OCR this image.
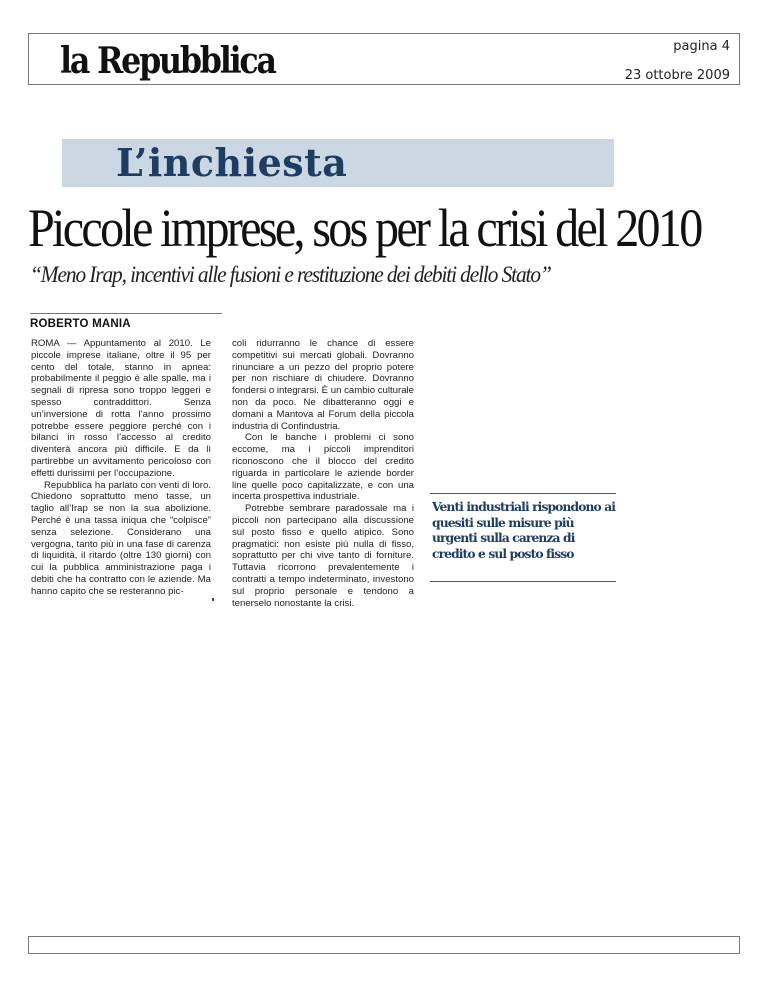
la Repubblica	pagina 4
23 ottobre 2009
L’inchiesta
Piccole imprese, sos per la crisi del 2010
“Meno Irap, incentivi alle fusioni e restituzione dei debiti dello Stato”
ROBERTO MANIA

ROMA — Appuntamento al 2010. Le piccole imprese italiane, oltre il 95 per cento del totale, stanno in apnea: probabilmente il peggio è alle spalle, ma i segnali di ripresa sono troppo leggeri e spesso contraddittori. Senza un’inversione di rotta l’anno prossimo potrebbe essere peggiore perché con i bilanci in rosso l’accesso al credito diventerà ancora più difficile. E da lì partirebbe un avvitamento pericoloso con effetti durissimi per l’occupazione.

Repubblica ha parlato con venti di loro. Chiedono soprattutto meno tasse, un taglio all’Irap se non la sua abolizione. Perché è una tassa iniqua che “colpisce” senza selezione. Considerano una vergogna, tanto più in una fase di carenza di liquidità, il ritardo (oltre 130 giorni) con cui la pubblica amministrazione paga i debiti che ha contratto con le aziende. Ma hanno capito che se resteranno pic-

coli ridurranno le chance di essere competitivi sui mercati globali. Dovranno rinunciare a un pezzo del proprio potere per non rischiare di chiudere. Dovranno fondersi o integrarsi. È un cambio culturale non da poco. Ne dibatteranno oggi e domani a Mantova al Forum della piccola industria di Confindustria.

Con le banche i problemi ci sono eccome, ma i piccoli imprenditori riconoscono che il blocco del credito riguarda in particolare le aziende border line quelle poco capitalizzate, e con una incerta prospettiva industriale.

Potrebbe sembrare paradossale ma i piccoli non partecipano alla discussione sul posto fisso e quello atipico. Sono pragmatici: non esiste più nulla di fisso, soprattutto per chi vive tanto di forniture. Tuttavia ricorrono prevalentemente i contratti a tempo indeterminato, investono sul proprio personale e tendono a tenerselo nonostante la crisi.

Venti industriali rispondono ai quesiti sulle misure più urgenti sulla carenza di credito e sul posto fisso
